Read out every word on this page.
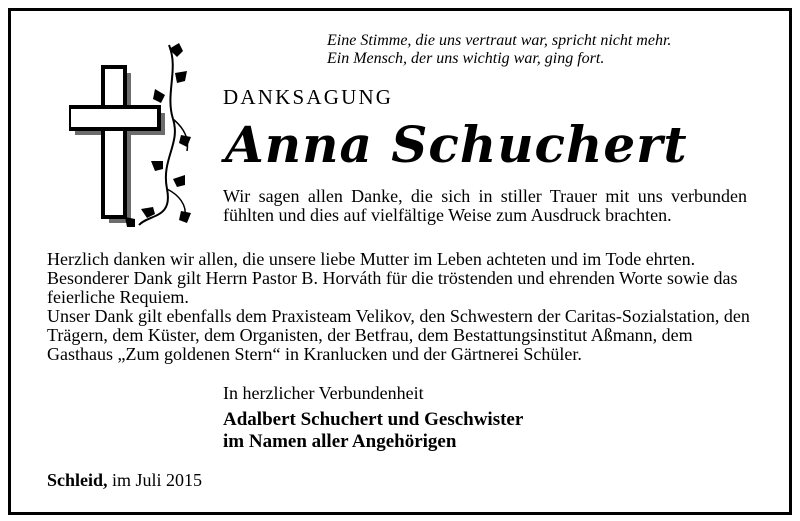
Eine Stimme, die uns vertraut war, spricht nicht mehr.
Ein Mensch, der uns wichtig war, ging fort.
DANKSAGUNG
Anna Schuchert
Wir sagen allen Danke, die sich in stiller Trauer mit uns verbunden fühlten und dies auf vielfältige Weise zum Ausdruck brachten.

Herzlich danken wir allen, die unsere liebe Mutter im Leben achteten und im Tode ehrten.

Besonderer Dank gilt Herrn Pastor B. Horváth für die tröstenden und ehrenden Worte sowie das feierliche Requiem.

Unser Dank gilt ebenfalls dem Praxisteam Velikov, den Schwestern der Caritas-Sozialstation, den Trägern, dem Küster, dem Organisten, der Betfrau, dem Bestattungsinstitut Aßmann, dem Gasthaus „Zum goldenen Stern“ in Kranlucken und der Gärtnerei Schüler.

In herzlicher Verbundenheit
Adalbert Schuchert und Geschwister
im Namen aller Angehörigen
Schleid, im Juli 2015
